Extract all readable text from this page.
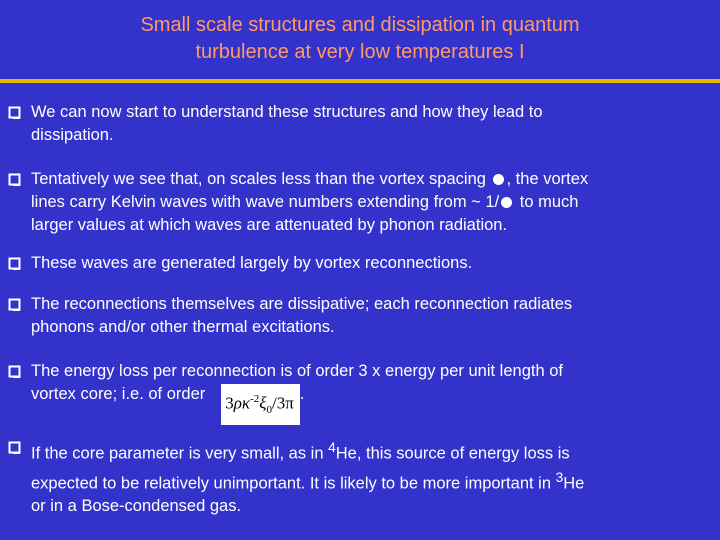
Small scale structures and dissipation in quantum
turbulence at very low temperatures I
We can now start to understand these structures and how they lead to
dissipation.
Tentatively we see that, on scales less than the vortex spacing , the vortex
lines carry Kelvin waves with wave numbers extending from ~ 1/ to much
larger values at which waves are attenuated by phonon radiation.
These waves are generated largely by vortex reconnections.
The reconnections themselves are dissipative; each reconnection radiates
phonons and/or other thermal excitations.
The energy loss per reconnection is of order 3 x energy per unit length of
vortex core; i.e. of order $3\rho\kappa^{-2}\xi_0/3\pi$ .
If the core parameter is very small, as in $^4$He, this source of energy loss is
expected to be relatively unimportant. It is likely to be more important in $^3$He
or in a Bose-condensed gas.
